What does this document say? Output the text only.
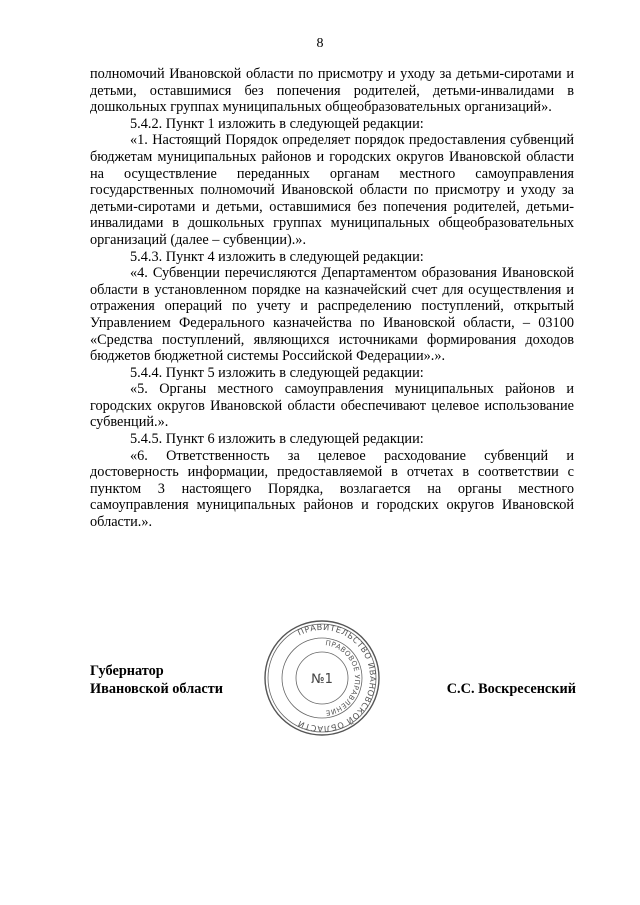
8

полномочий Ивановской области по присмотру и уходу за детьми-сиротами и детьми, оставшимися без попечения родителей, детьми-инвалидами в дошкольных группах муниципальных общеобразовательных организаций».

5.4.2. Пункт 1 изложить в следующей редакции:

«1. Настоящий Порядок определяет порядок предоставления субвенций бюджетам муниципальных районов и городских округов Ивановской области на осуществление переданных органам местного самоуправления государственных полномочий Ивановской области по присмотру и уходу за детьми-сиротами и детьми, оставшимися без попечения родителей, детьми-инвалидами в дошкольных группах муниципальных общеобразовательных организаций (далее – субвенции).».

5.4.3. Пункт 4 изложить в следующей редакции:

«4. Субвенции перечисляются Департаментом образования Ивановской области в установленном порядке на казначейский счет для осуществления и отражения операций по учету и распределению поступлений, открытый Управлением Федерального казначейства по Ивановской области, – 03100 «Средства поступлений, являющихся источниками формирования доходов бюджетов бюджетной системы Российской Федерации».».

5.4.4. Пункт 5 изложить в следующей редакции:

«5. Органы местного самоуправления муниципальных районов и городских округов Ивановской области обеспечивают целевое использование субвенций.».

5.4.5. Пункт 6 изложить в следующей редакции:

«6. Ответственность за целевое расходование субвенций и достоверность информации, предоставляемой в отчетах в соответствии с пунктом 3 настоящего Порядка, возлагается на органы местного самоуправления муниципальных районов и городских округов Ивановской области.».

Губернатор
Ивановской области	С.С. Воскресенский
ПРАВИТЕЛЬСТВО ИВАНОВСКОЙ ОБЛАСТИ
ПРАВОВОЕ УПРАВЛЕНИЕ
№1
